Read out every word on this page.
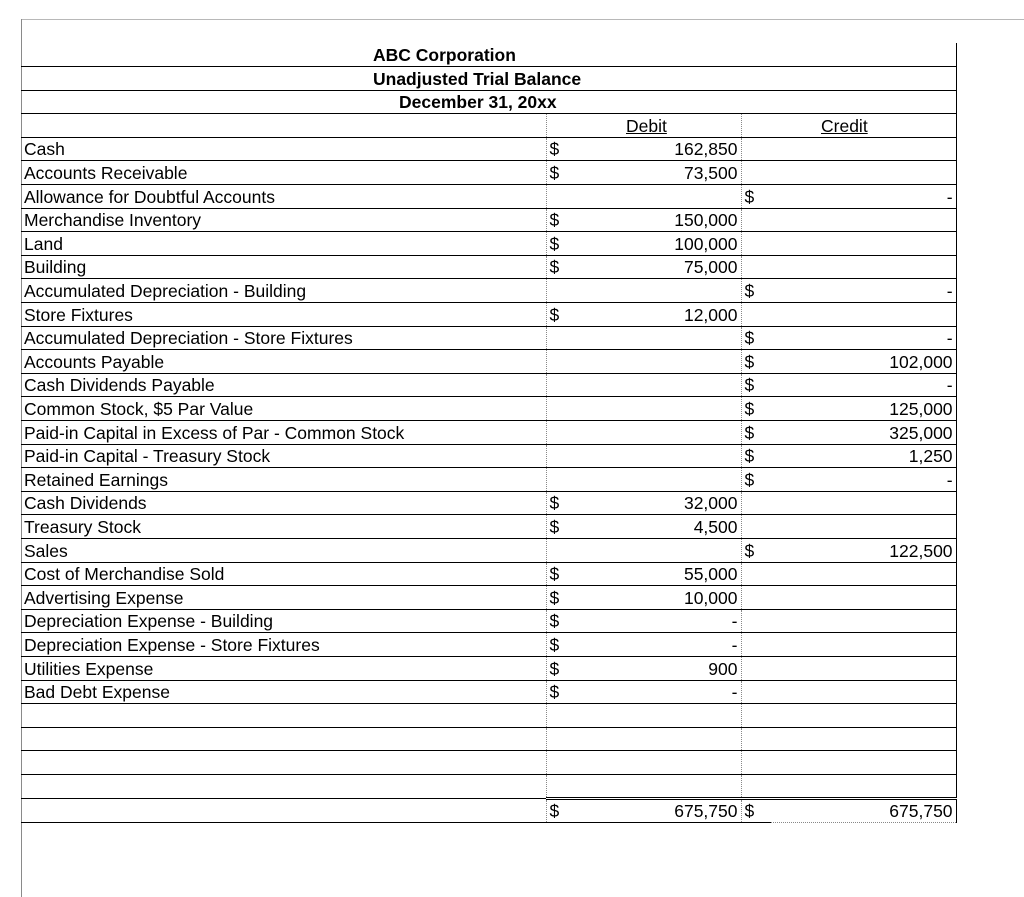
ABC Corporation				
Unadjusted Trial Balance				
December 31, 20xx				
		Debit		Credit
Cash	$	162,850		
Accounts Receivable	$	73,500		
Allowance for Doubtful Accounts			$	-
Merchandise Inventory	$	150,000		
Land	$	100,000		
Building	$	75,000		
Accumulated Depreciation - Building			$	-
Store Fixtures	$	12,000		
Accumulated Depreciation - Store Fixtures			$	-
Accounts Payable			$	102,000
Cash Dividends Payable			$	-
Common Stock, $5 Par Value			$	125,000
Paid-in Capital in Excess of Par - Common Stock			$	325,000
Paid-in Capital - Treasury Stock			$	1,250
Retained Earnings			$	-
Cash Dividends	$	32,000		
Treasury Stock	$	4,500		
Sales			$	122,500
Cost of Merchandise Sold	$	55,000		
Advertising Expense	$	10,000		
Depreciation Expense - Building	$	-		
Depreciation Expense - Store Fixtures	$	-		
Utilities Expense	$	900		
Bad Debt Expense	$	-		

	$	675,750	$	675,750
